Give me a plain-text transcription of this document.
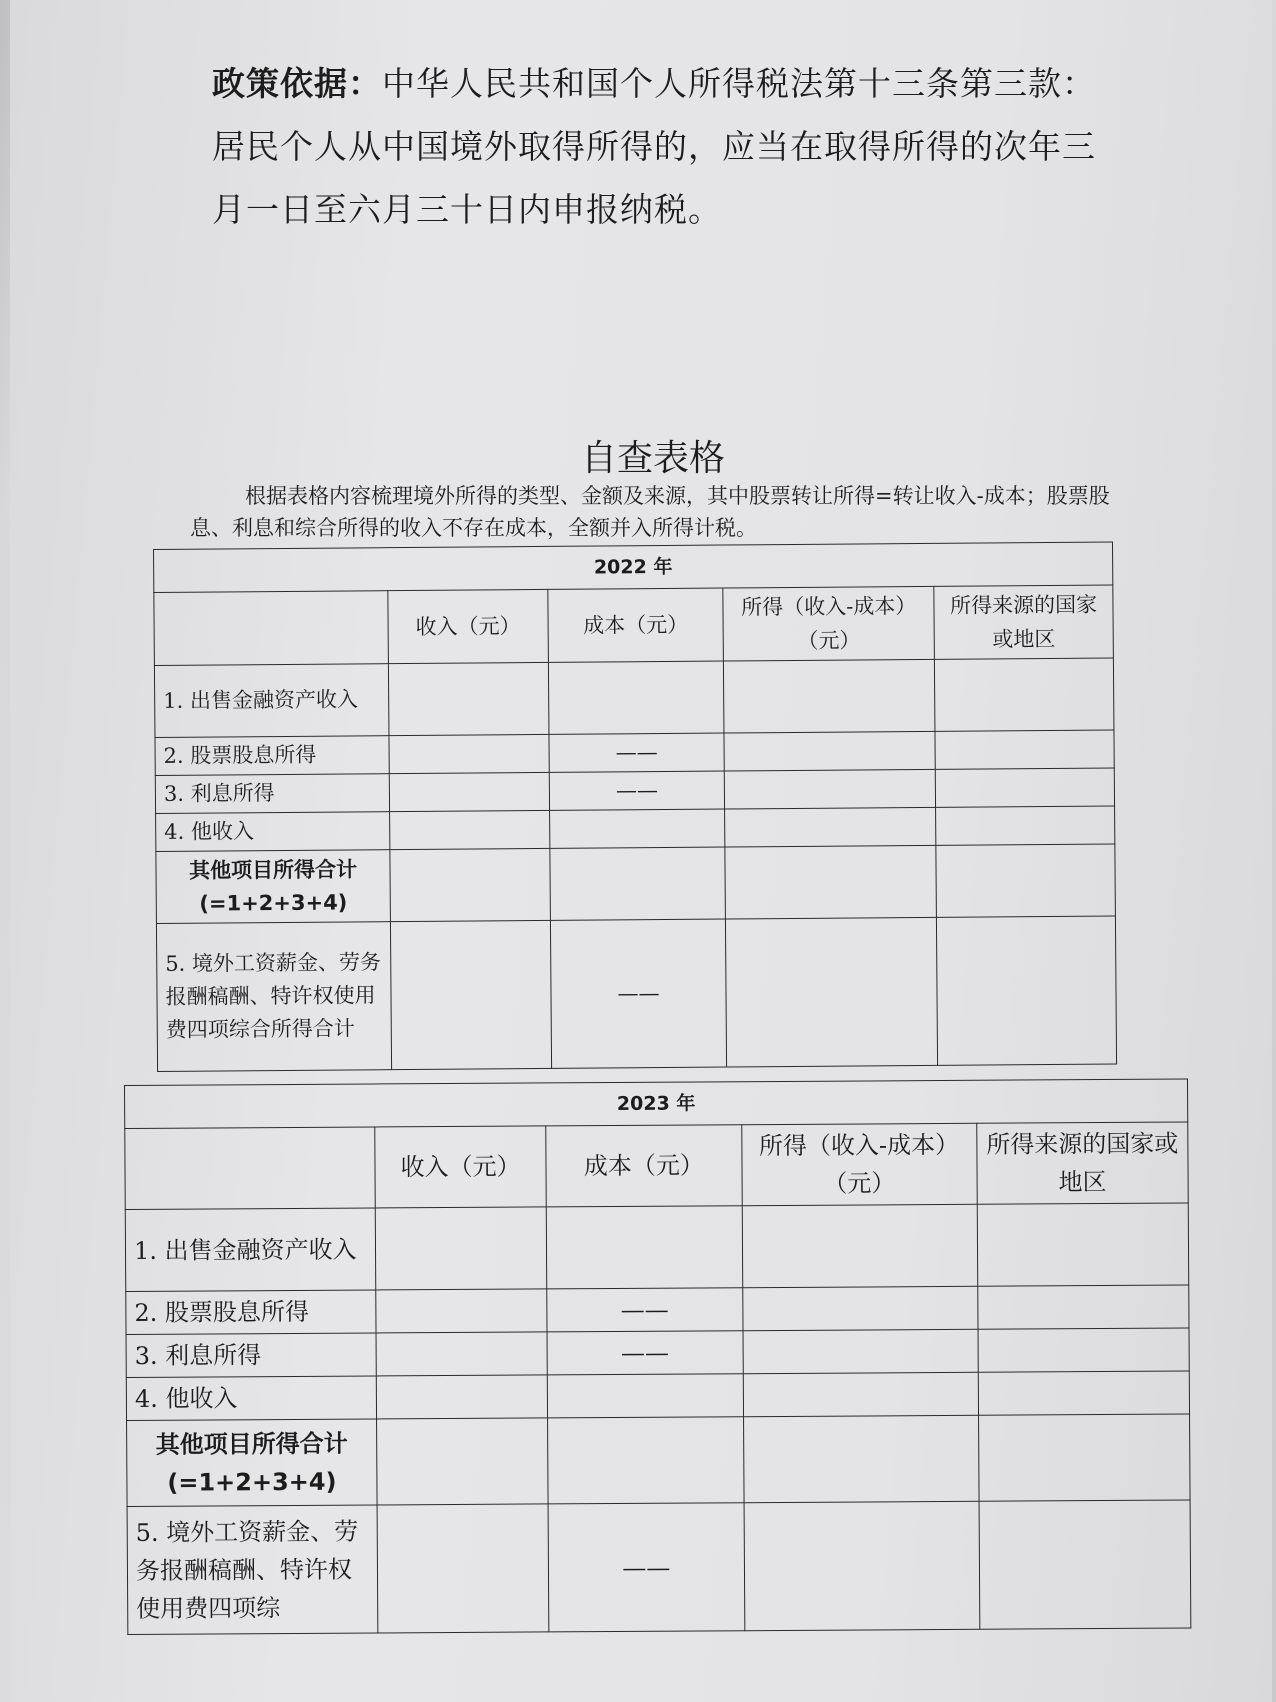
政策依据：中华人民共和国个人所得税法第十三条第三款：居民个人从中国境外取得所得的，应当在取得所得的次年三月一日至六月三十日内申报纳税。
自查表格
根据表格内容梳理境外所得的类型、金额及来源，其中股票转让所得=转让收入-成本；股票股息、利息和综合所得的收入不存在成本，全额并入所得计税。
2022 年				
	收入（元）	成本（元）	所得（收入-成本）（元）	所得来源的国家或地区
1. 出售金融资产收入				
2. 股票股息所得		——		
3. 利息所得		——		
4. 他收入				
其他项目所得合计
(=1+2+3+4)				
5. 境外工资薪金、劳务报酬稿酬、特许权使用费四项综合所得合计		——		
2023 年				
	收入（元）	成本（元）	所得（收入-成本）（元）	所得来源的国家或地区
1. 出售金融资产收入				
2. 股票股息所得		——		
3. 利息所得		——		
4. 他收入				
其他项目所得合计
(=1+2+3+4)				
5. 境外工资薪金、劳务报酬稿酬、特许权使用费四项综		——		
